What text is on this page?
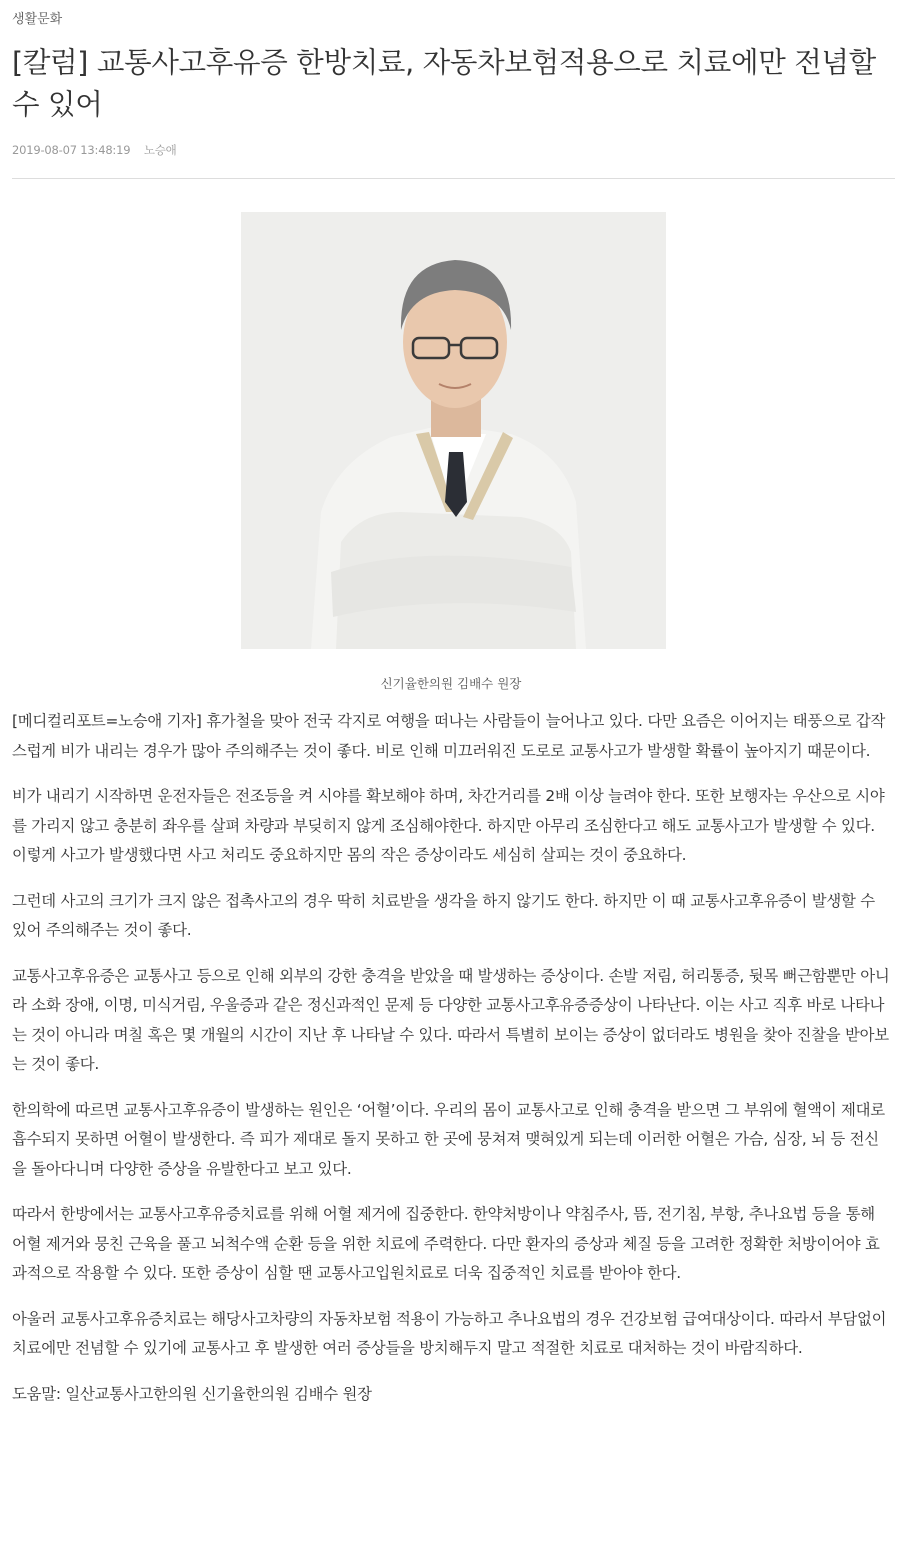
생활문화
[칼럼] 교통사고후유증 한방치료, 자동차보험적용으로 치료에만 전념할 수 있어
2019-08-07 13:48:19 노승애
신기율한의원 김배수 원장

[메디컬리포트=노승애 기자] 휴가철을 맞아 전국 각지로 여행을 떠나는 사람들이 늘어나고 있다. 다만 요즘은 이어지는 태풍으로 갑작스럽게 비가 내리는 경우가 많아 주의해주는 것이 좋다. 비로 인해 미끄러워진 도로로 교통사고가 발생할 확률이 높아지기 때문이다.

비가 내리기 시작하면 운전자들은 전조등을 켜 시야를 확보해야 하며, 차간거리를 2배 이상 늘려야 한다. 또한 보행자는 우산으로 시야를 가리지 않고 충분히 좌우를 살펴 차량과 부딪히지 않게 조심해야한다. 하지만 아무리 조심한다고 해도 교통사고가 발생할 수 있다. 이렇게 사고가 발생했다면 사고 처리도 중요하지만 몸의 작은 증상이라도 세심히 살피는 것이 중요하다.

그런데 사고의 크기가 크지 않은 접촉사고의 경우 딱히 치료받을 생각을 하지 않기도 한다. 하지만 이 때 교통사고후유증이 발생할 수 있어 주의해주는 것이 좋다.

교통사고후유증은 교통사고 등으로 인해 외부의 강한 충격을 받았을 때 발생하는 증상이다. 손발 저림, 허리통증, 뒷목 뻐근함뿐만 아니라 소화 장애, 이명, 미식거림, 우울증과 같은 정신과적인 문제 등 다양한 교통사고후유증증상이 나타난다. 이는 사고 직후 바로 나타나는 것이 아니라 며칠 혹은 몇 개월의 시간이 지난 후 나타날 수 있다. 따라서 특별히 보이는 증상이 없더라도 병원을 찾아 진찰을 받아보는 것이 좋다.

한의학에 따르면 교통사고후유증이 발생하는 원인은 ‘어혈’이다. 우리의 몸이 교통사고로 인해 충격을 받으면 그 부위에 혈액이 제대로 흡수되지 못하면 어혈이 발생한다. 즉 피가 제대로 돌지 못하고 한 곳에 뭉쳐져 맺혀있게 되는데 이러한 어혈은 가슴, 심장, 뇌 등 전신을 돌아다니며 다양한 증상을 유발한다고 보고 있다.

따라서 한방에서는 교통사고후유증치료를 위해 어혈 제거에 집중한다. 한약처방이나 약침주사, 뜸, 전기침, 부항, 추나요법 등을 통해 어혈 제거와 뭉친 근육을 풀고 뇌척수액 순환 등을 위한 치료에 주력한다. 다만 환자의 증상과 체질 등을 고려한 정확한 처방이어야 효과적으로 작용할 수 있다. 또한 증상이 심할 땐 교통사고입원치료로 더욱 집중적인 치료를 받아야 한다.

아울러 교통사고후유증치료는 해당사고차량의 자동차보험 적용이 가능하고 추나요법의 경우 건강보험 급여대상이다. 따라서 부담없이 치료에만 전념할 수 있기에 교통사고 후 발생한 여러 증상들을 방치해두지 말고 적절한 치료로 대처하는 것이 바람직하다.

도움말: 일산교통사고한의원 신기율한의원 김배수 원장
